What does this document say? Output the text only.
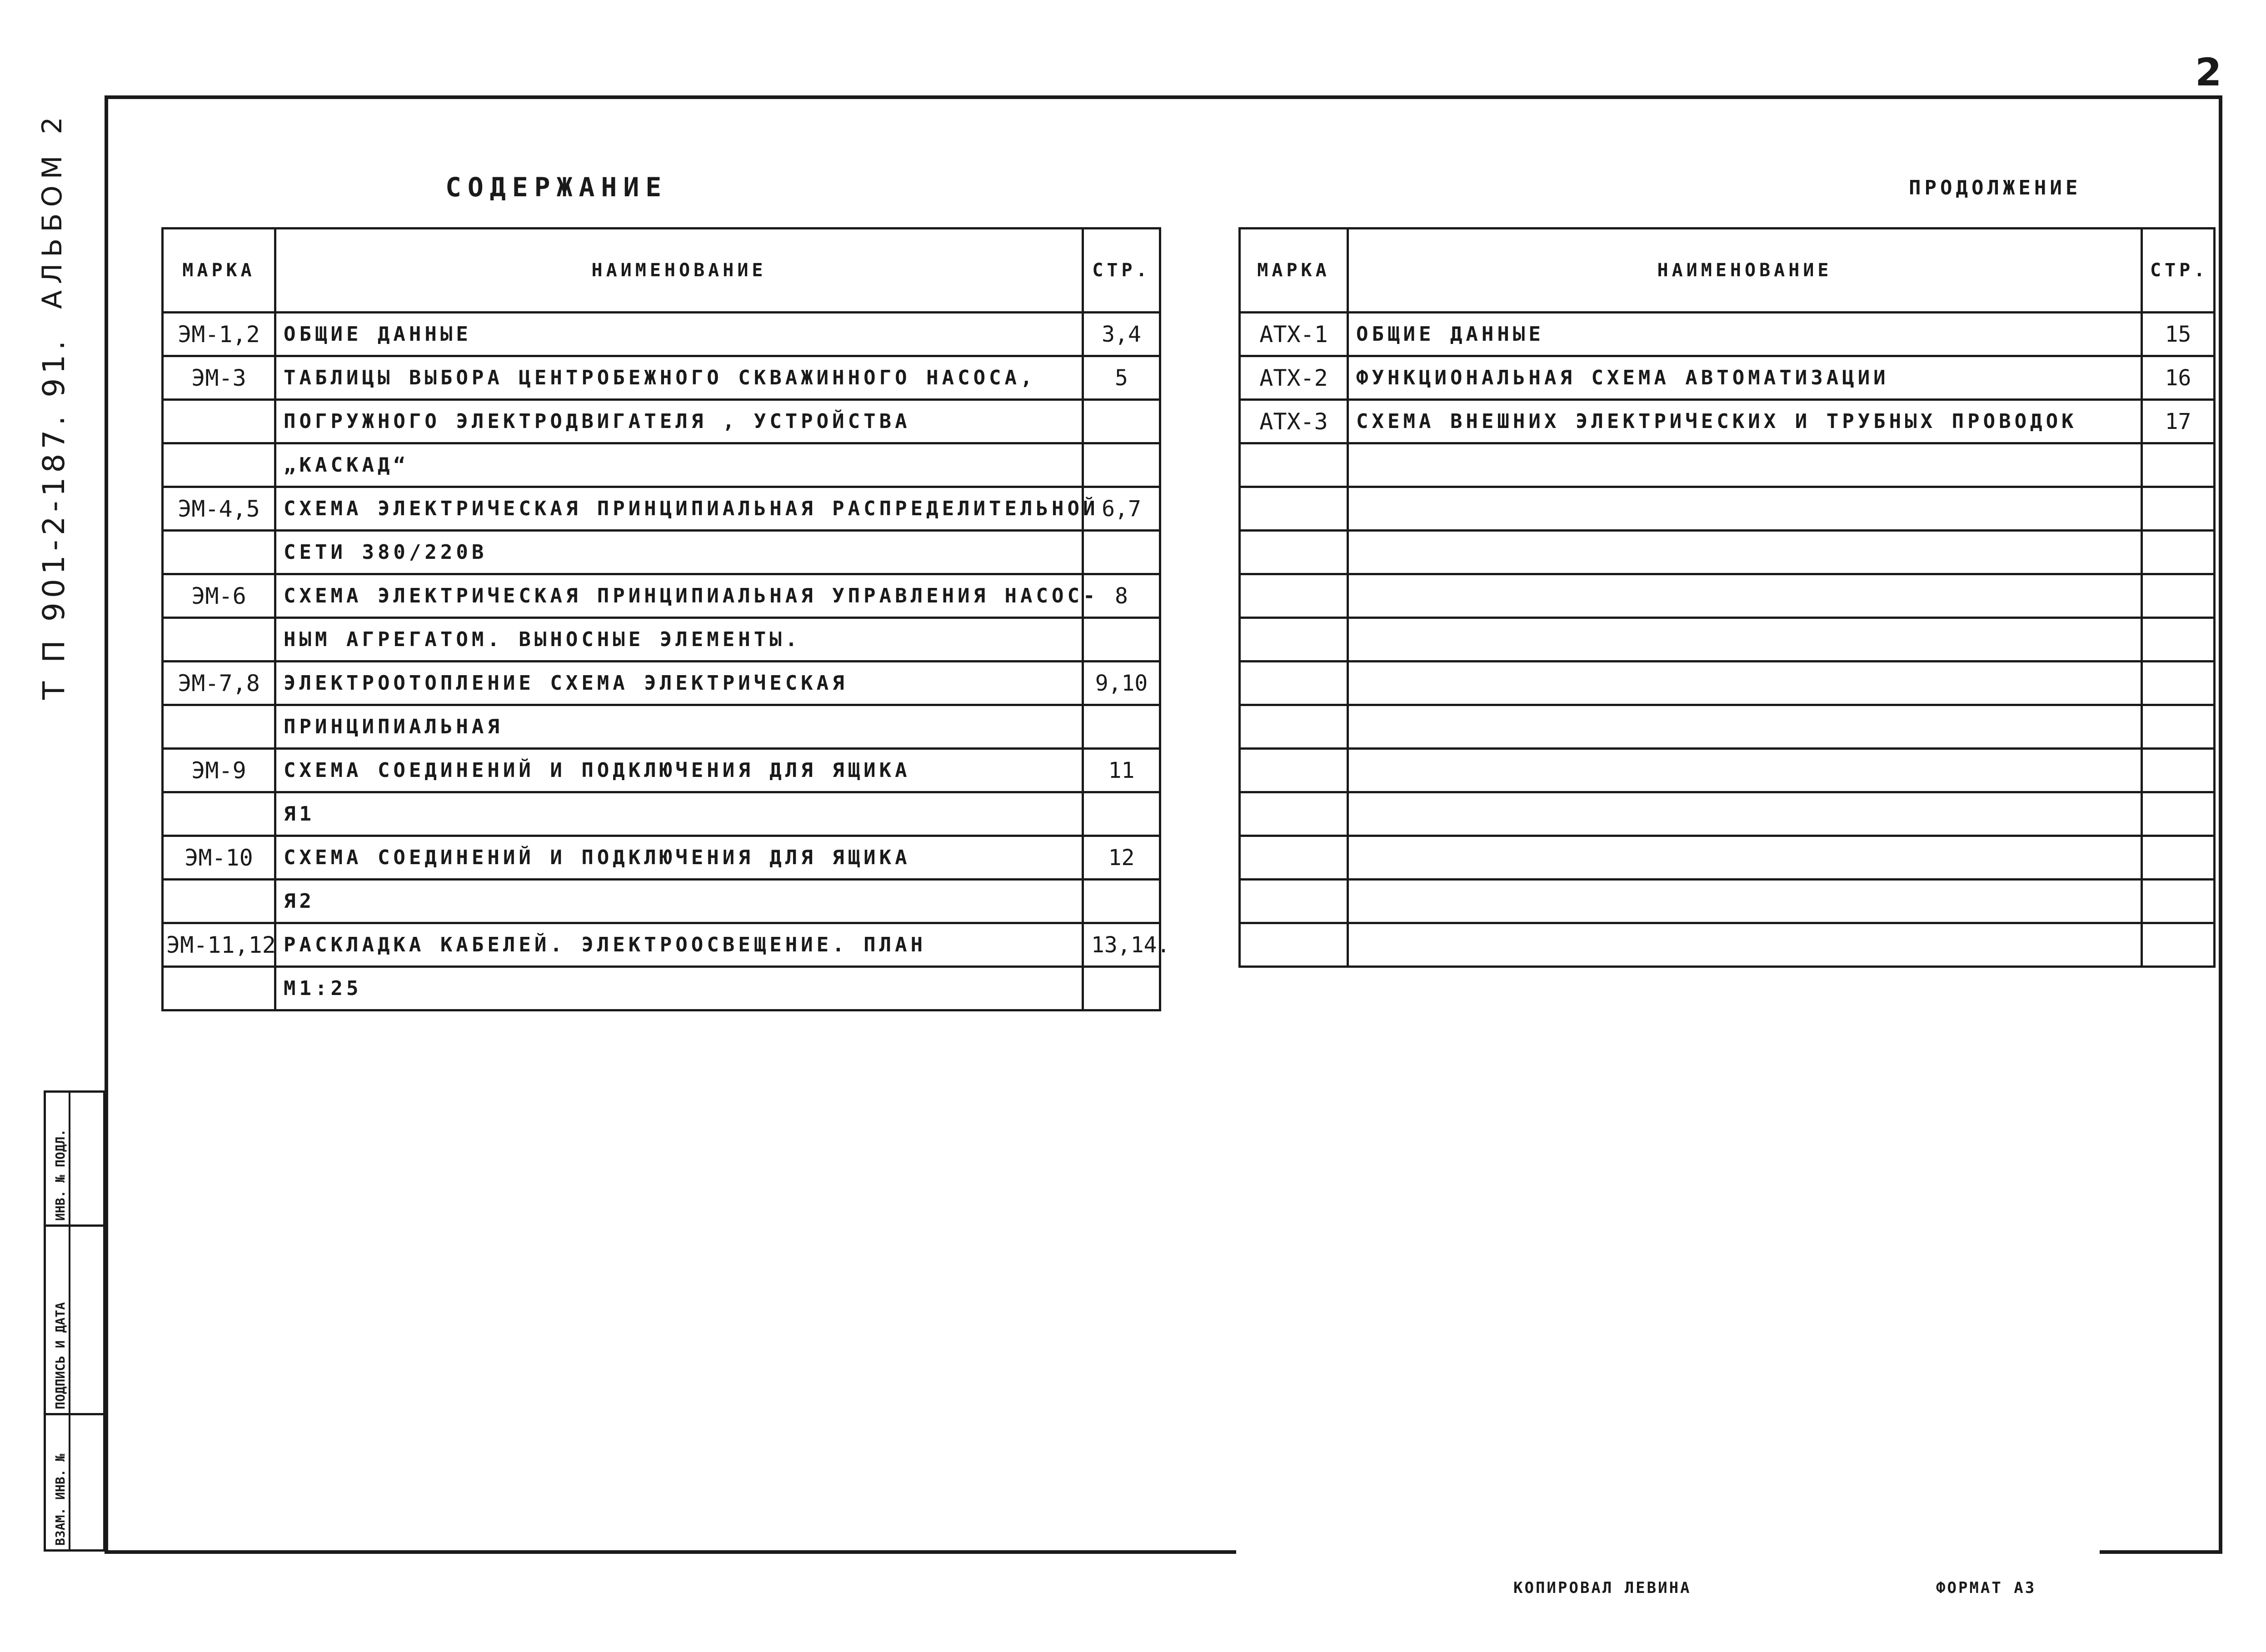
2
АЛЬБОМ 2
Т П 901-2-187. 91.
ИНВ. № ПОДЛ.
ПОДПИСЬ И ДАТА
ВЗАМ. ИНВ. №
СОДЕРЖАНИЕ
МАРКА	НАИМЕНОВАНИЕ	СТР.
ЭМ-1,2	ОБЩИЕ ДАННЫЕ	3,4
ЭМ-3	ТАБЛИЦЫ ВЫБОРА ЦЕНТРОБЕЖНОГО СКВАЖИННОГО НАСОСА,	5
	ПОГРУЖНОГО ЭЛЕКТРОДВИГАТЕЛЯ , УСТРОЙСТВА	
	„КАСКАД“	
ЭМ-4,5	СХЕМА ЭЛЕКТРИЧЕСКАЯ ПРИНЦИПИАЛЬНАЯ РАСПРЕДЕЛИТЕЛЬНОЙ	6,7
	СЕТИ 380/220В	
ЭМ-6	СХЕМА ЭЛЕКТРИЧЕСКАЯ ПРИНЦИПИАЛЬНАЯ УПРАВЛЕНИЯ НАСОС-	8
	НЫМ АГРЕГАТОМ. ВЫНОСНЫЕ ЭЛЕМЕНТЫ.	
ЭМ-7,8	ЭЛЕКТРООТОПЛЕНИЕ СХЕМА ЭЛЕКТРИЧЕСКАЯ	9,10
	ПРИНЦИПИАЛЬНАЯ	
ЭМ-9	СХЕМА СОЕДИНЕНИЙ И ПОДКЛЮЧЕНИЯ ДЛЯ ЯЩИКА	11
	Я1	
ЭМ-10	СХЕМА СОЕДИНЕНИЙ И ПОДКЛЮЧЕНИЯ ДЛЯ ЯЩИКА	12
	Я2	
ЭМ-11,12	РАСКЛАДКА КАБЕЛЕЙ. ЭЛЕКТРООСВЕЩЕНИЕ. ПЛАН	13,14.
	М1:25	
ПРОДОЛЖЕНИЕ
МАРКА	НАИМЕНОВАНИЕ	СТР.
АТХ-1	ОБЩИЕ ДАННЫЕ	15
АТХ-2	ФУНКЦИОНАЛЬНАЯ СХЕМА АВТОМАТИЗАЦИИ	16
АТХ-3	СХЕМА ВНЕШНИХ ЭЛЕКТРИЧЕСКИХ И ТРУБНЫХ ПРОВОДОК	17

КОПИРОВАЛ ЛЕВИНА	ФОРМАТ А3
